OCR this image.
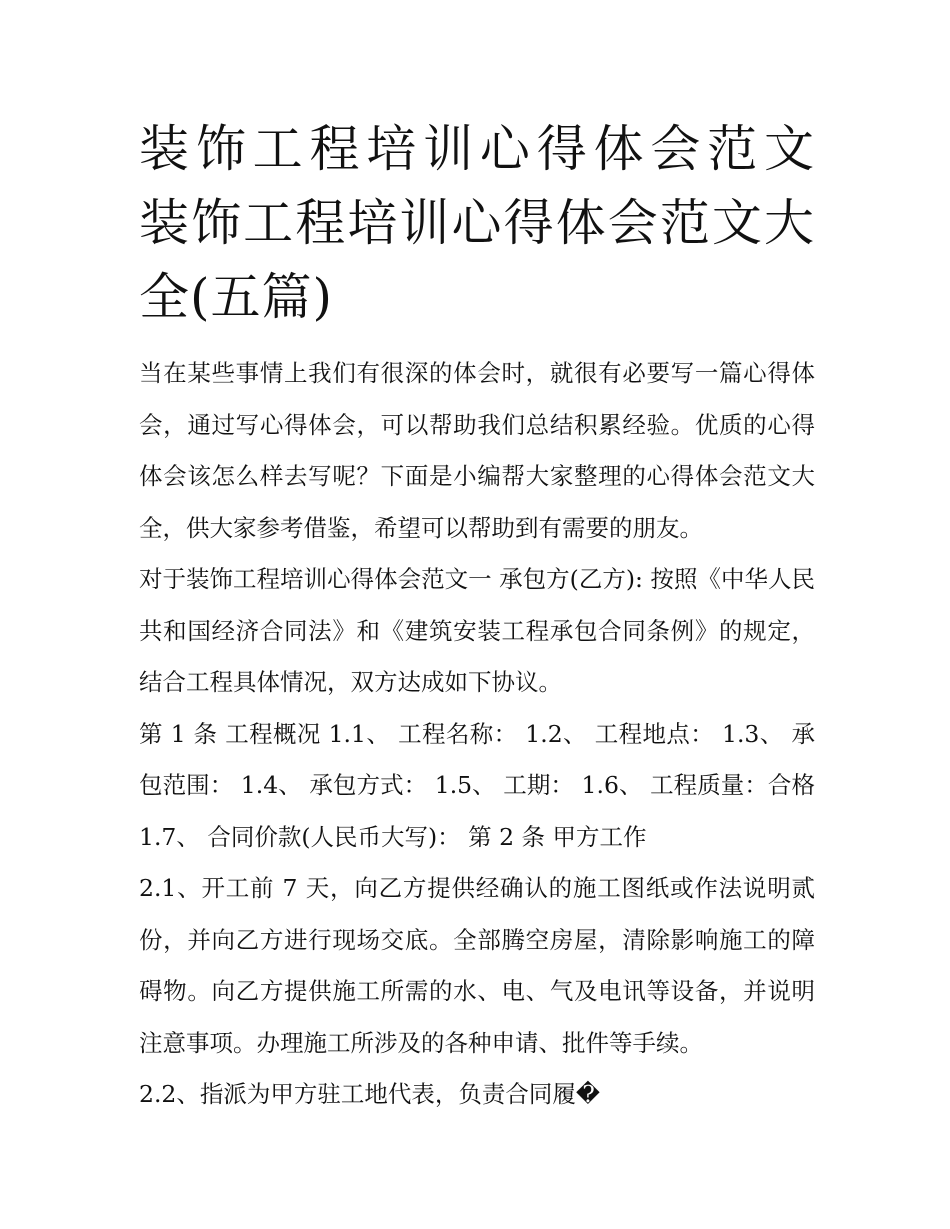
装饰工程培训心得体会范文 装饰工程培训心得体会范文大全(五篇)

当在某些事情上我们有很深的体会时，就很有必要写一篇心得体会，通过写心得体会，可以帮助我们总结积累经验。优质的心得体会该怎么样去写呢？下面是小编帮大家整理的心得体会范文大全，供大家参考借鉴，希望可以帮助到有需要的朋友。

对于装饰工程培训心得体会范文一 承包方(乙方): 按照《中华人民共和国经济合同法》和《建筑安装工程承包合同条例》的规定，结合工程具体情况，双方达成如下协议。

第 1 条 工程概况 1.1、 工程名称： 1.2、 工程地点： 1.3、 承包范围： 1.4、 承包方式： 1.5、 工期： 1.6、 工程质量：合格 1.7、 合同价款(人民币大写)： 第 2 条 甲方工作

2.1、开工前 7 天，向乙方提供经确认的施工图纸或作法说明贰份，并向乙方进行现场交底。全部腾空房屋，清除影响施工的障碍物。向乙方提供施工所需的水、电、气及电讯等设备，并说明注意事项。办理施工所涉及的各种申请、批件等手续。

2.2、指派为甲方驻工地代表，负责合同履�
